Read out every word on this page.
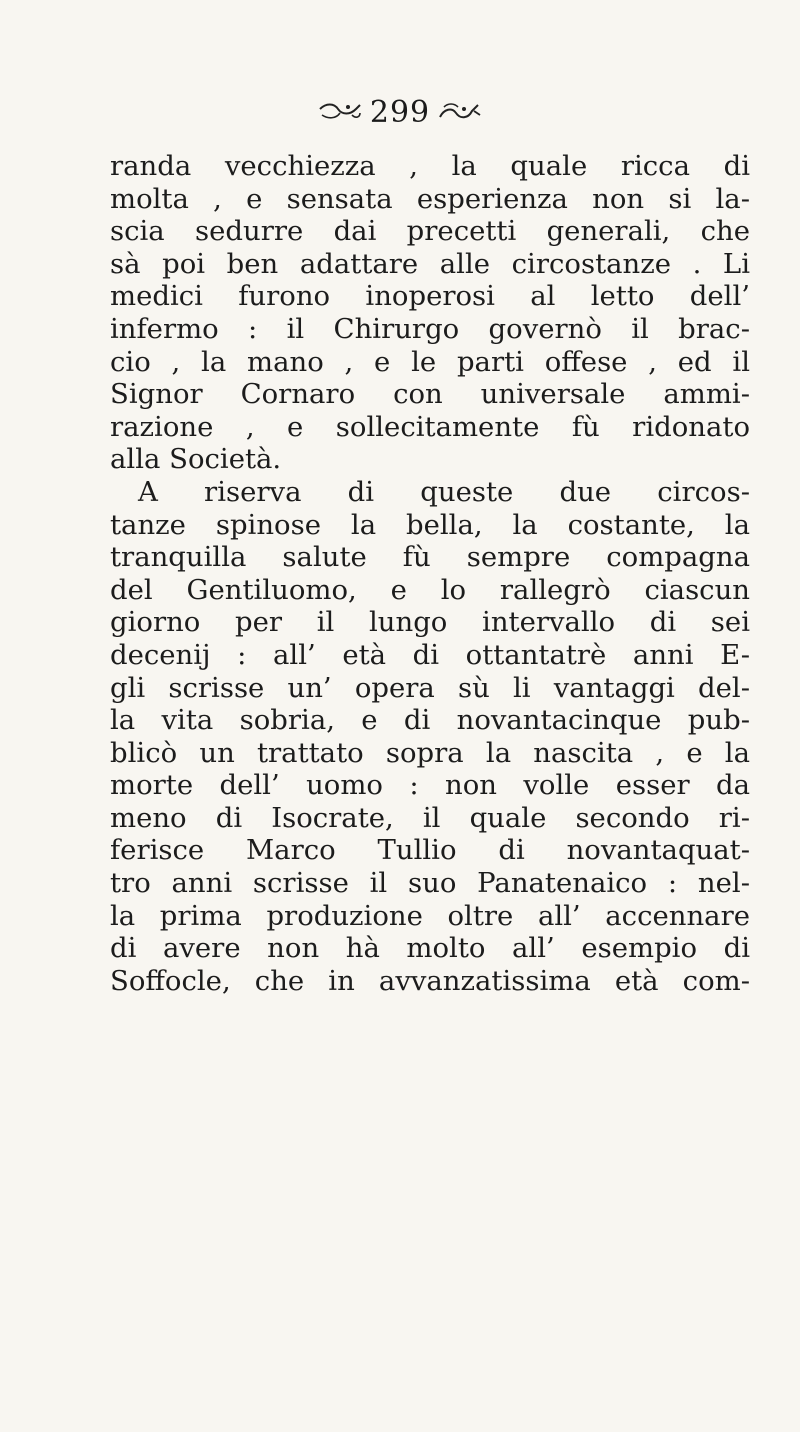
299
randa vecchiezza , la quale ricca di
molta , e sensata esperienza non si la-
scia sedurre dai precetti generali, che
sà poi ben adattare alle circostanze . Li
medici furono inoperosi al letto dell’
infermo : il Chirurgo governò il brac-
cio , la mano , e le parti offese , ed il
Signor Cornaro con universale ammi-
razione , e sollecitamente fù ridonato
alla Società.
A riserva di queste due circos-
tanze spinose la bella, la costante, la
tranquilla salute fù sempre compagna
del Gentiluomo, e lo rallegrò ciascun
giorno per il lungo intervallo di sei
decenij : all’ età di ottantatrè anni E-
gli scrisse un’ opera sù li vantaggi del-
la vita sobria, e di novantacinque pub-
blicò un trattato sopra la nascita , e la
morte dell’ uomo : non volle esser da
meno di Isocrate, il quale secondo ri-
ferisce Marco Tullio di novantaquat-
tro anni scrisse il suo Panatenaico : nel-
la prima produzione oltre all’ accennare
di avere non hà molto all’ esempio di
Soffocle, che in avvanzatissima età com-
